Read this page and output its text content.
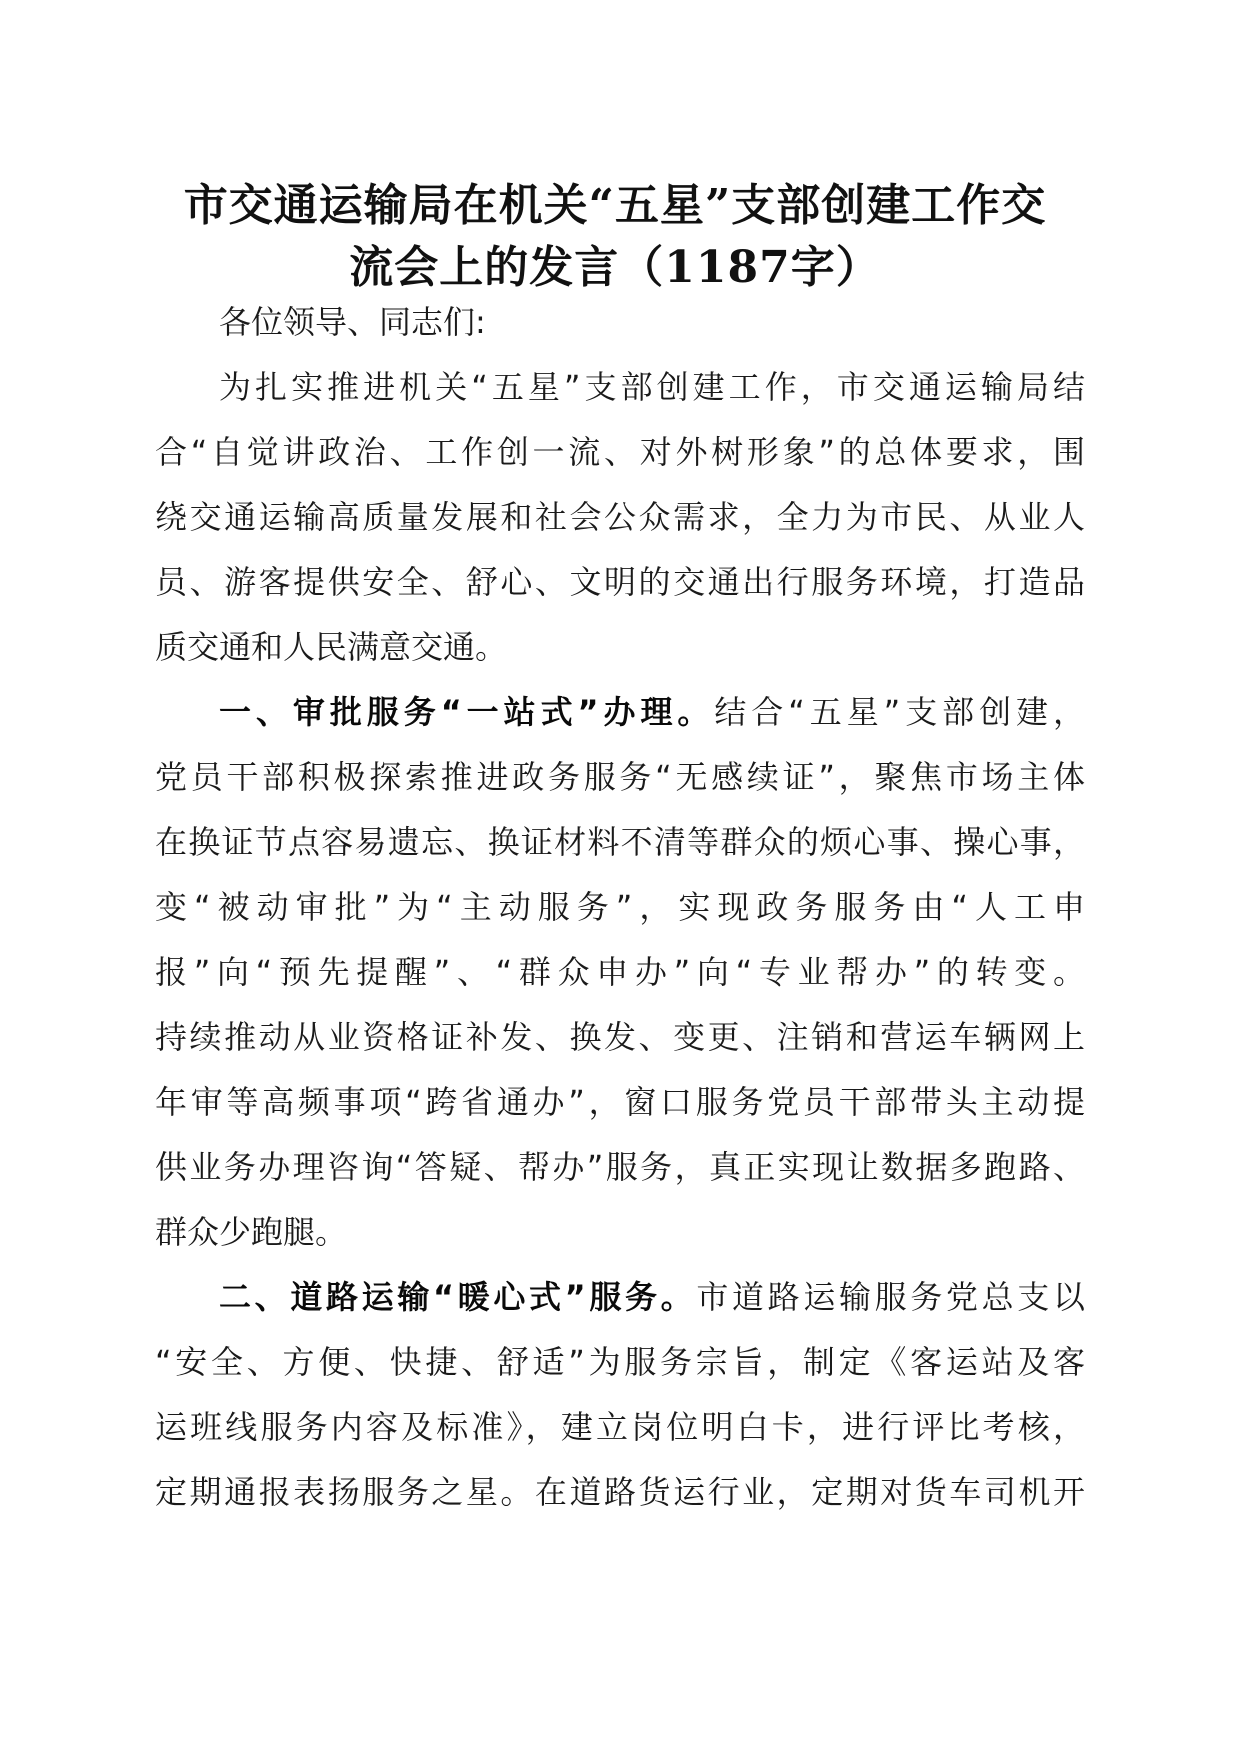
市交通运输局在机关“五星”支部创建工作交
流会上的发言（1187字）
各位领导、同志们:
为扎实推进机关“五星”支部创建工作，市交通运输局结
合“自觉讲政治、工作创一流、对外树形象”的总体要求，围
绕交通运输高质量发展和社会公众需求，全力为市民、从业人
员、游客提供安全、舒心、文明的交通出行服务环境，打造品
质交通和人民满意交通。
一、审批服务“一站式”办理。结合“五星”支部创建，
党员干部积极探索推进政务服务“无感续证”，聚焦市场主体
在换证节点容易遗忘、换证材料不清等群众的烦心事、操心事，
变“被动审批”为“主动服务”，实现政务服务由“人工申
报”向“预先提醒”、“群众申办”向“专业帮办”的转变。
持续推动从业资格证补发、换发、变更、注销和营运车辆网上
年审等高频事项“跨省通办”，窗口服务党员干部带头主动提
供业务办理咨询“答疑、帮办”服务，真正实现让数据多跑路、
群众少跑腿。
二、道路运输“暖心式”服务。市道路运输服务党总支以
“安全、方便、快捷、舒适”为服务宗旨，制定《客运站及客
运班线服务内容及标准》，建立岗位明白卡，进行评比考核，
定期通报表扬服务之星。在道路货运行业，定期对货车司机开
